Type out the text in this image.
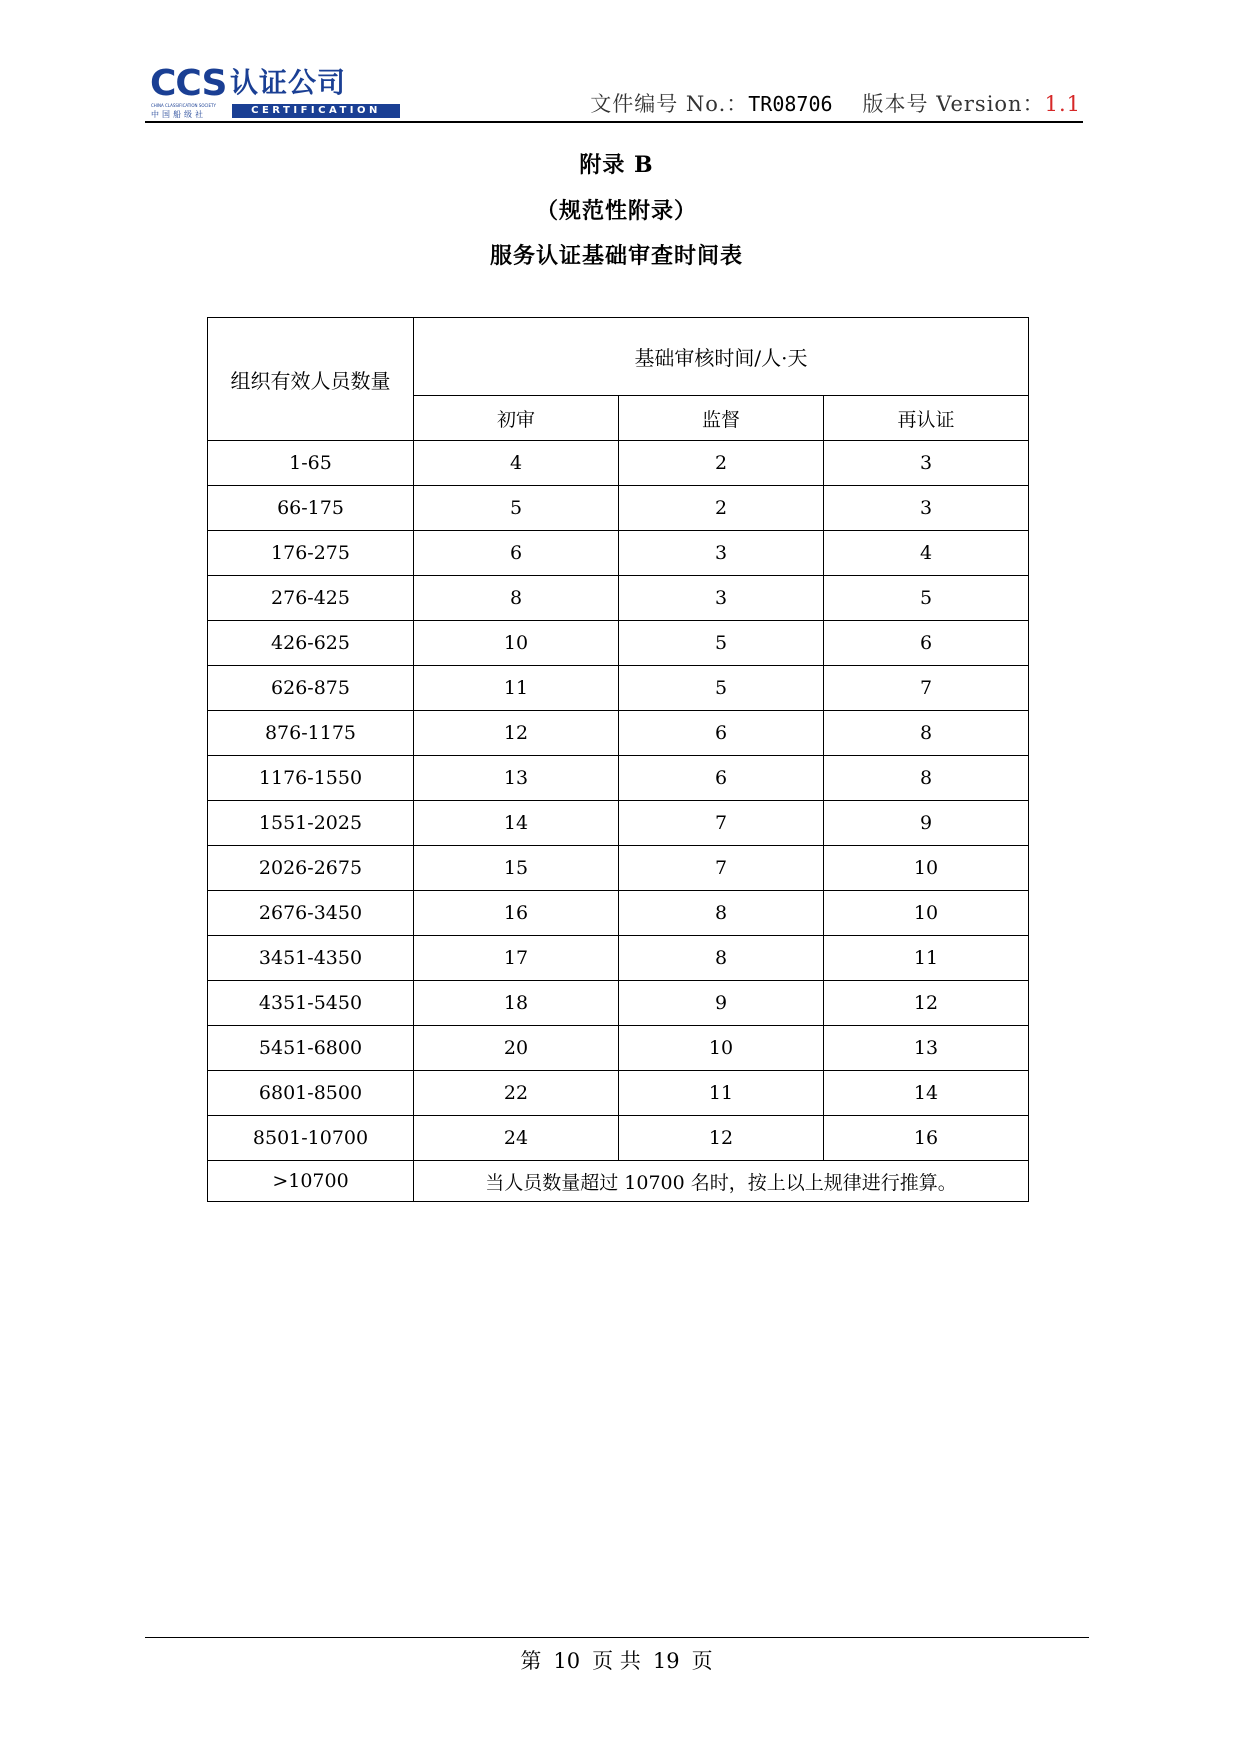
CCS 认证公司
CHINA CLASSIFICATION SOCIETY
中国船级社	CERTIFICATION	文件编号 No.：TR08706 版本号 Version：1.1
附录 B
（规范性附录）
服务认证基础审查时间表
组织有效人员数量	基础审核时间/人·天		
	初审	监督	再认证
1-65	4	2	3
66-175	5	2	3
176-275	6	3	4
276-425	8	3	5
426-625	10	5	6
626-875	11	5	7
876-1175	12	6	8
1176-1550	13	6	8
1551-2025	14	7	9
2026-2675	15	7	10
2676-3450	16	8	10
3451-4350	17	8	11
4351-5450	18	9	12
5451-6800	20	10	13
6801-8500	22	11	14
8501-10700	24	12	16
>10700	当人员数量超过 10700 名时，按上以上规律进行推算。		
第 10 页 共 19 页
